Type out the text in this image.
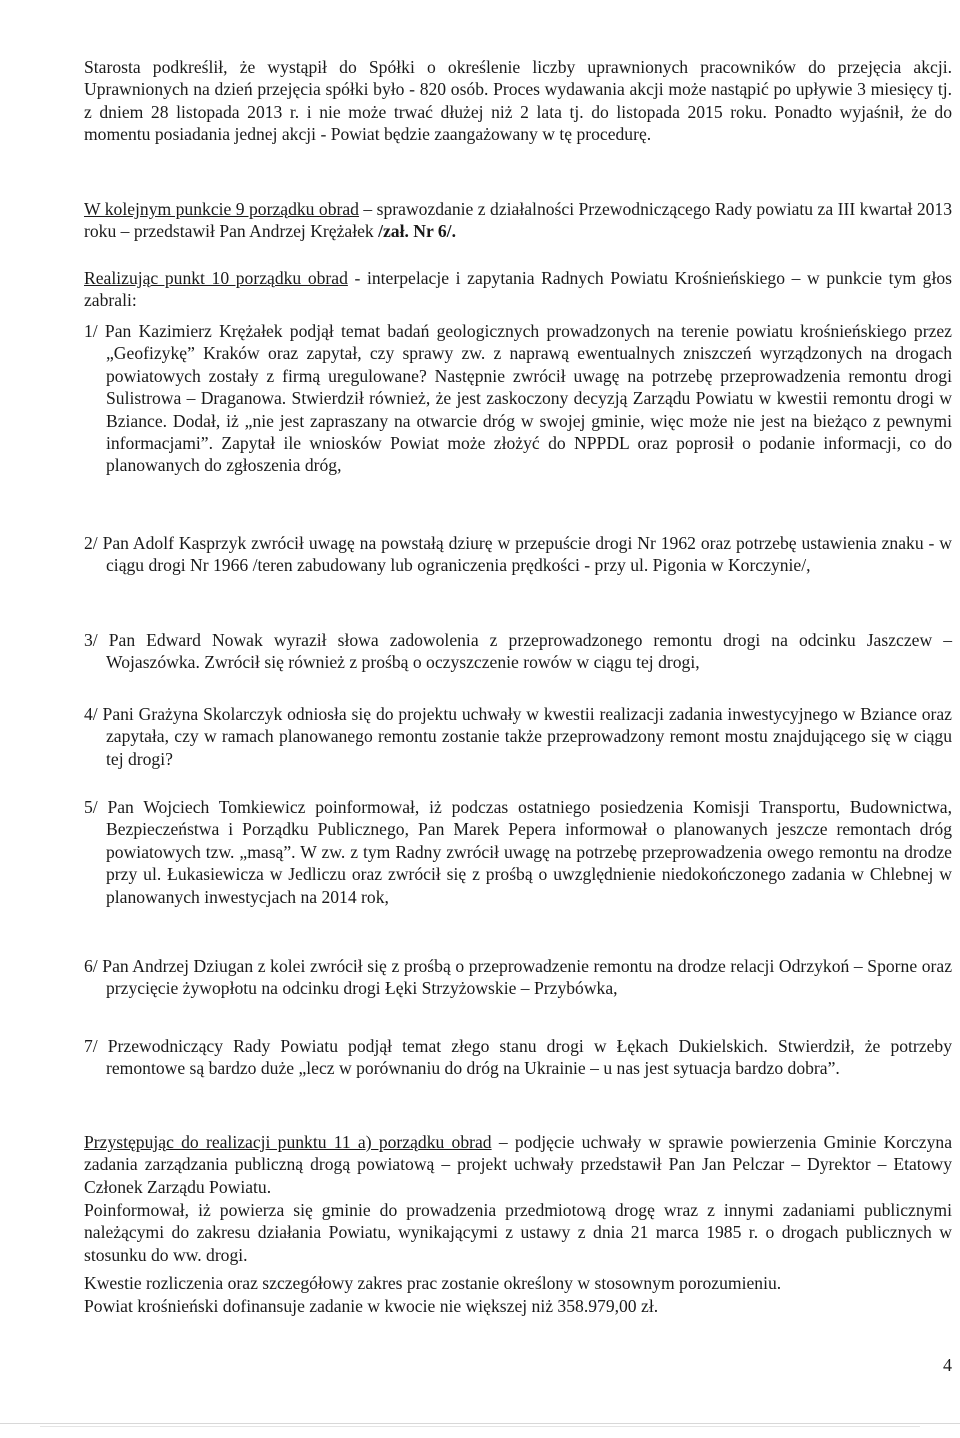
Starosta podkreślił, że wystąpił do Spółki o określenie liczby uprawnionych pracowników do przejęcia akcji. Uprawnionych na dzień przejęcia spółki było - 820 osób. Proces wydawania akcji może nastąpić po upływie 3 miesięcy tj. z dniem 28 listopada 2013 r. i nie może trwać dłużej niż 2 lata tj. do listopada 2015 roku. Ponadto wyjaśnił, że do momentu posiadania jednej akcji - Powiat będzie zaangażowany w tę procedurę.

W kolejnym punkcie 9 porządku obrad – sprawozdanie z działalności Przewodniczącego Rady powiatu za III kwartał 2013 roku – przedstawił Pan Andrzej Krężałek /zał. Nr 6/.

Realizując punkt 10 porządku obrad - interpelacje i zapytania Radnych Powiatu Krośnieńskiego – w punkcie tym głos zabrali:

1/ Pan Kazimierz Krężałek podjął temat badań geologicznych prowadzonych na terenie powiatu krośnieńskiego przez „Geofizykę” Kraków oraz zapytał, czy sprawy zw. z naprawą ewentualnych zniszczeń wyrządzonych na drogach powiatowych zostały z firmą uregulowane? Następnie zwrócił uwagę na potrzebę przeprowadzenia remontu drogi Sulistrowa – Draganowa. Stwierdził również, że jest zaskoczony decyzją Zarządu Powiatu w kwestii remontu drogi w Bziance. Dodał, iż „nie jest zapraszany na otwarcie dróg w swojej gminie, więc może nie jest na bieżąco z pewnymi informacjami”. Zapytał ile wniosków Powiat może złożyć do NPPDL oraz poprosił o podanie informacji, co do planowanych do zgłoszenia dróg,

2/ Pan Adolf Kasprzyk zwrócił uwagę na powstałą dziurę w przepuście drogi Nr 1962 oraz potrzebę ustawienia znaku - w ciągu drogi Nr 1966 /teren zabudowany lub ograniczenia prędkości - przy ul. Pigonia w Korczynie/,

3/ Pan Edward Nowak wyraził słowa zadowolenia z przeprowadzonego remontu drogi na odcinku Jaszczew – Wojaszówka. Zwrócił się również z prośbą o oczyszczenie rowów w ciągu tej drogi,

4/ Pani Grażyna Skolarczyk odniosła się do projektu uchwały w kwestii realizacji zadania inwestycyjnego w Bziance oraz zapytała, czy w ramach planowanego remontu zostanie także przeprowadzony remont mostu znajdującego się w ciągu tej drogi?

5/ Pan Wojciech Tomkiewicz poinformował, iż podczas ostatniego posiedzenia Komisji Transportu, Budownictwa, Bezpieczeństwa i Porządku Publicznego, Pan Marek Pepera informował o planowanych jeszcze remontach dróg powiatowych tzw. „masą”. W zw. z tym Radny zwrócił uwagę na potrzebę przeprowadzenia owego remontu na drodze przy ul. Łukasiewicza w Jedliczu oraz zwrócił się z prośbą o uwzględnienie niedokończonego zadania w Chlebnej w planowanych inwestycjach na 2014 rok,

6/ Pan Andrzej Dziugan z kolei zwrócił się z prośbą o przeprowadzenie remontu na drodze relacji Odrzykoń – Sporne oraz przycięcie żywopłotu na odcinku drogi Łęki Strzyżowskie – Przybówka,

7/ Przewodniczący Rady Powiatu podjął temat złego stanu drogi w Łękach Dukielskich. Stwierdził, że potrzeby remontowe są bardzo duże „lecz w porównaniu do dróg na Ukrainie – u nas jest sytuacja bardzo dobra”.

Przystępując do realizacji punktu 11 a) porządku obrad – podjęcie uchwały w sprawie powierzenia Gminie Korczyna zadania zarządzania publiczną drogą powiatową – projekt uchwały przedstawił Pan Jan Pelczar – Dyrektor – Etatowy Członek Zarządu Powiatu.

Poinformował, iż powierza się gminie do prowadzenia przedmiotową drogę wraz z innymi zadaniami publicznymi należącymi do zakresu działania Powiatu, wynikającymi z ustawy z dnia 21 marca 1985 r. o drogach publicznych w stosunku do ww. drogi.

Kwestie rozliczenia oraz szczegółowy zakres prac zostanie określony w stosownym porozumieniu.

Powiat krośnieński dofinansuje zadanie w kwocie nie większej niż 358.979,00 zł.

4
